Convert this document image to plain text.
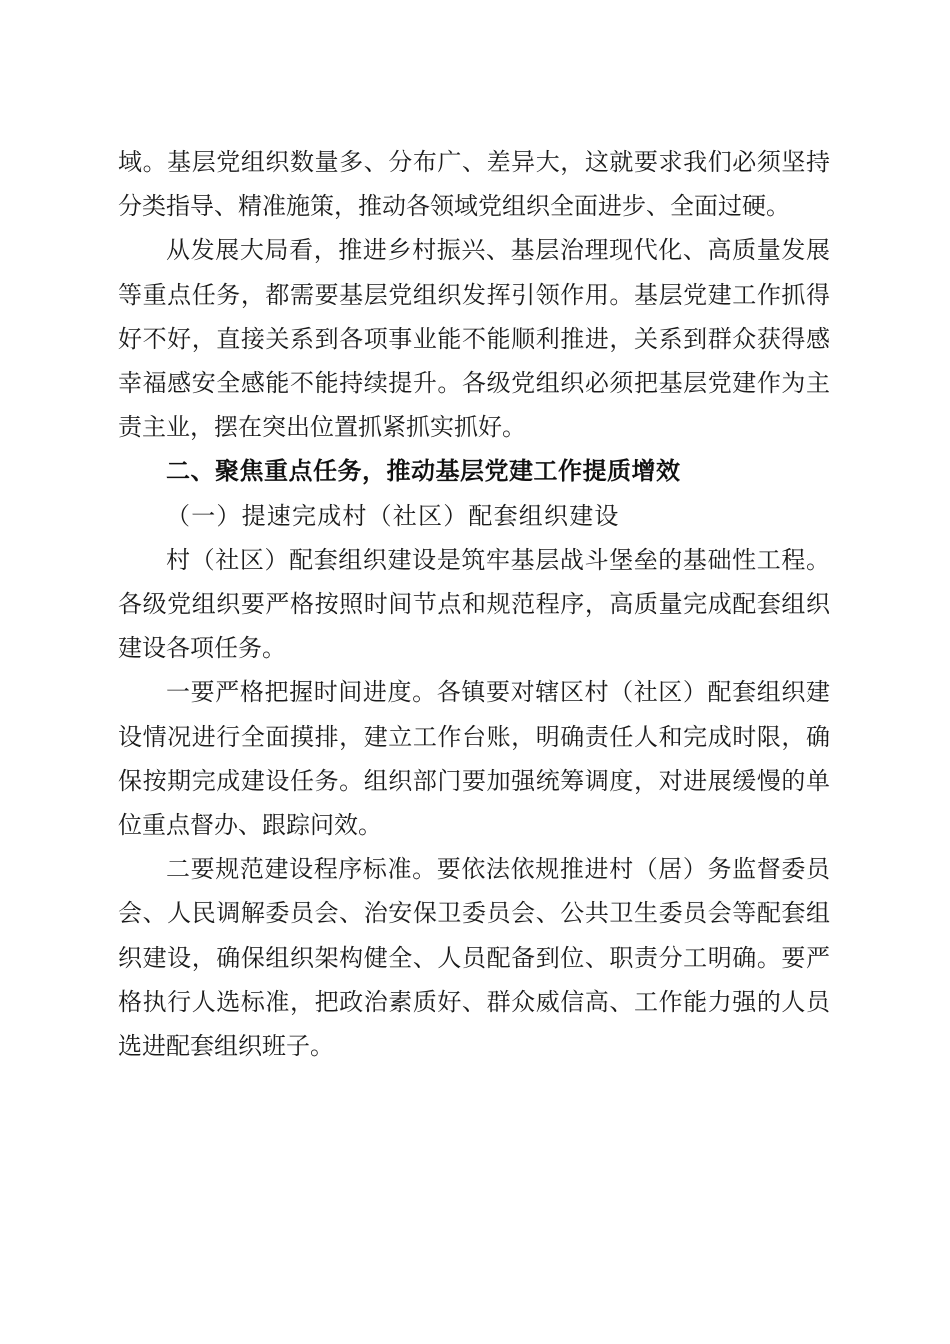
域。基层党组织数量多、分布广、差异大，这就要求我们必须坚持分类指导、精准施策，推动各领域党组织全面进步、全面过硬。

从发展大局看，推进乡村振兴、基层治理现代化、高质量发展等重点任务，都需要基层党组织发挥引领作用。基层党建工作抓得好不好，直接关系到各项事业能不能顺利推进，关系到群众获得感幸福感安全感能不能持续提升。各级党组织必须把基层党建作为主责主业，摆在突出位置抓紧抓实抓好。

二、聚焦重点任务，推动基层党建工作提质增效

（一）提速完成村（社区）配套组织建设

村（社区）配套组织建设是筑牢基层战斗堡垒的基础性工程。各级党组织要严格按照时间节点和规范程序，高质量完成配套组织建设各项任务。

一要严格把握时间进度。各镇要对辖区村（社区）配套组织建设情况进行全面摸排，建立工作台账，明确责任人和完成时限，确保按期完成建设任务。组织部门要加强统筹调度，对进展缓慢的单位重点督办、跟踪问效。

二要规范建设程序标准。要依法依规推进村（居）务监督委员会、人民调解委员会、治安保卫委员会、公共卫生委员会等配套组织建设，确保组织架构健全、人员配备到位、职责分工明确。要严格执行人选标准，把政治素质好、群众威信高、工作能力强的人员选进配套组织班子。
